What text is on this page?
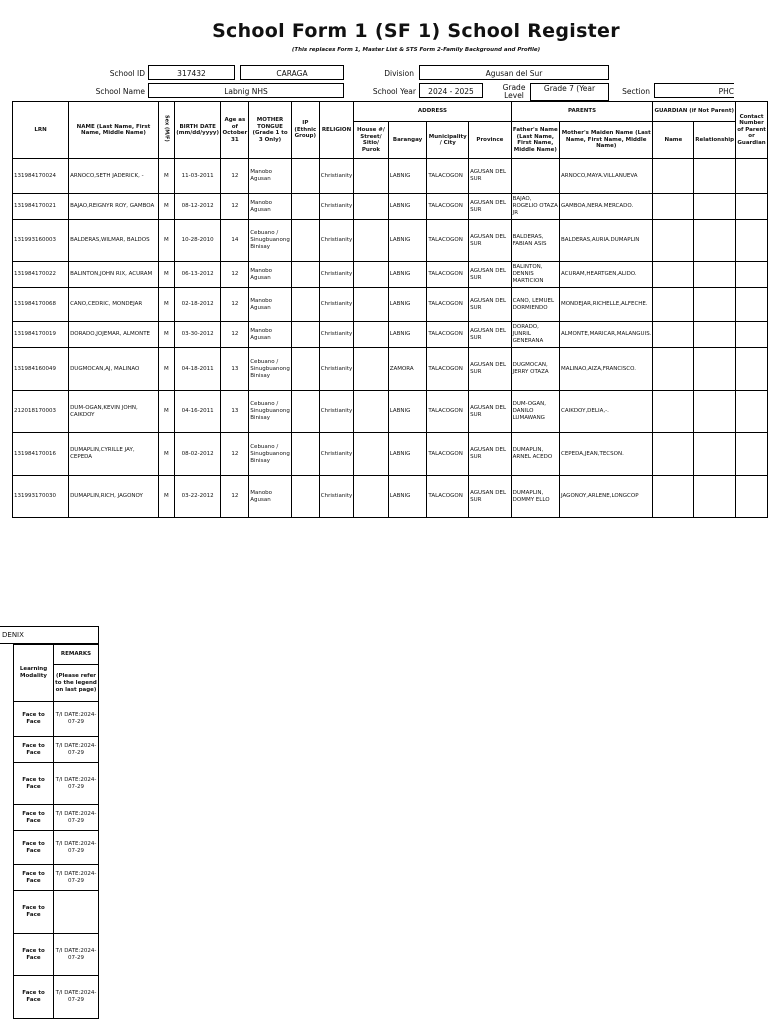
School Form 1 (SF 1) School Register
(This replaces Form 1, Master List & STS Form 2-Family Background and Profile)
School ID	317432	CARAGA	Division	Agusan del Sur
School Name	Labnig NHS	School Year	2024 - 2025	Grade Level
Grade 7 (Year	Section	PHC
LRN	NAME (Last Name, First Name, Middle Name)	Sex (M/F)	BIRTH DATE (mm/dd/yyyy)	Age as of October 31	MOTHER TONGUE (Grade 1 to 3 Only)	IP (Ethnic Group)	RELIGION	ADDRESS				PARENTS		GUARDIAN (if Not Parent)		Contact Number of Parent or Guardian
								House #/ Street/ Sitio/ Purok	Barangay	Municipality / City	Province	Father's Name (Last Name, First Name, Middle Name)	Mother's Maiden Name (Last Name, First Name, Middle Name)	Name	Relationship	
131984170024	ARNOCO,SETH JADERICK, -	M	11-03-2011	12	Manobo Agusan		Christianity		LABNIG	TALACOGON	AGUSAN DEL SUR		ARNOCO,MAYA.VILLANUEVA			
131984170021	BAJAO,REIGNYR ROY, GAMBOA	M	08-12-2012	12	Manobo Agusan		Christianity		LABNIG	TALACOGON	AGUSAN DEL SUR	BAJAO, ROGELIO OTAZA JR	GAMBOA,NERA.MERCADO.			
131993160003	BALDERAS,WILMAR, BALDOS	M	10-28-2010	14	Cebuano / Sinugbuanong Binisay		Christianity		LABNIG	TALACOGON	AGUSAN DEL SUR	BALDERAS, FABIAN ASIS	BALDERAS,AURIA.DUMAPLIN			
131984170022	BALINTON,JOHN RIX, ACURAM	M	06-13-2012	12	Manobo Agusan		Christianity		LABNIG	TALACOGON	AGUSAN DEL SUR	BALINTON, DENNIS MARTICION	ACURAM,HEARTGEN,ALIDO.			
131984170068	CANO,CEDRIC, MONDEJAR	M	02-18-2012	12	Manobo Agusan		Christianity		LABNIG	TALACOGON	AGUSAN DEL SUR	CANO, LEMUEL DORMIENDO	MONDEJAR,RICHELLE,ALFECHE.			
131984170019	DORADO,JOJEMAR, ALMONTE	M	03-30-2012	12	Manobo Agusan		Christianity		LABNIG	TALACOGON	AGUSAN DEL SUR	DORADO, JUNRIL GENERANA	ALMONTE,MARICAR,MALANGUIS.			
131984160049	DUGMOCAN,AJ, MALINAO	M	04-18-2011	13	Cebuano / Sinugbuanong Binisay		Christianity		ZAMORA	TALACOGON	AGUSAN DEL SUR	DUGMOCAN, JERRY OTAZA	MALINAO,AIZA,FRANCISCO.			
212018170003	DUM-OGAN,KEVIN JOHN, CAIKDOY	M	04-16-2011	13	Cebuano / Sinugbuanong Binisay		Christianity		LABNIG	TALACOGON	AGUSAN DEL SUR	DUM-OGAN, DANILO LUMAWANG	CAIKDOY,DELIA,-.			
131984170016	DUMAPLIN,CYRILLE JAY, CEPEDA	M	08-02-2012	12	Cebuano / Sinugbuanong Binisay		Christianity		LABNIG	TALACOGON	AGUSAN DEL SUR	DUMAPLIN, ARNEL ACEDO	CEPEDA,JEAN,TECSON.			
131993170030	DUMAPLIN,RICH, JAGONOY	M	03-22-2012	12	Manobo Agusan		Christianity		LABNIG	TALACOGON	AGUSAN DEL SUR	DUMAPLIN, DOMMY ELLO	JAGONOY,ARLENE,LONGCOP			
DENIX
Learning Modality	REMARKS
	(Please refer to the legend on last page)
Face to Face	T/I DATE:2024-07-29
Face to Face	T/I DATE:2024-07-29
Face to Face	T/I DATE:2024-07-29
Face to Face	T/I DATE:2024-07-29
Face to Face	T/I DATE:2024-07-29
Face to Face	T/I DATE:2024-07-29
Face to Face	
Face to Face	T/I DATE:2024-07-29
Face to Face	T/I DATE:2024-07-29
